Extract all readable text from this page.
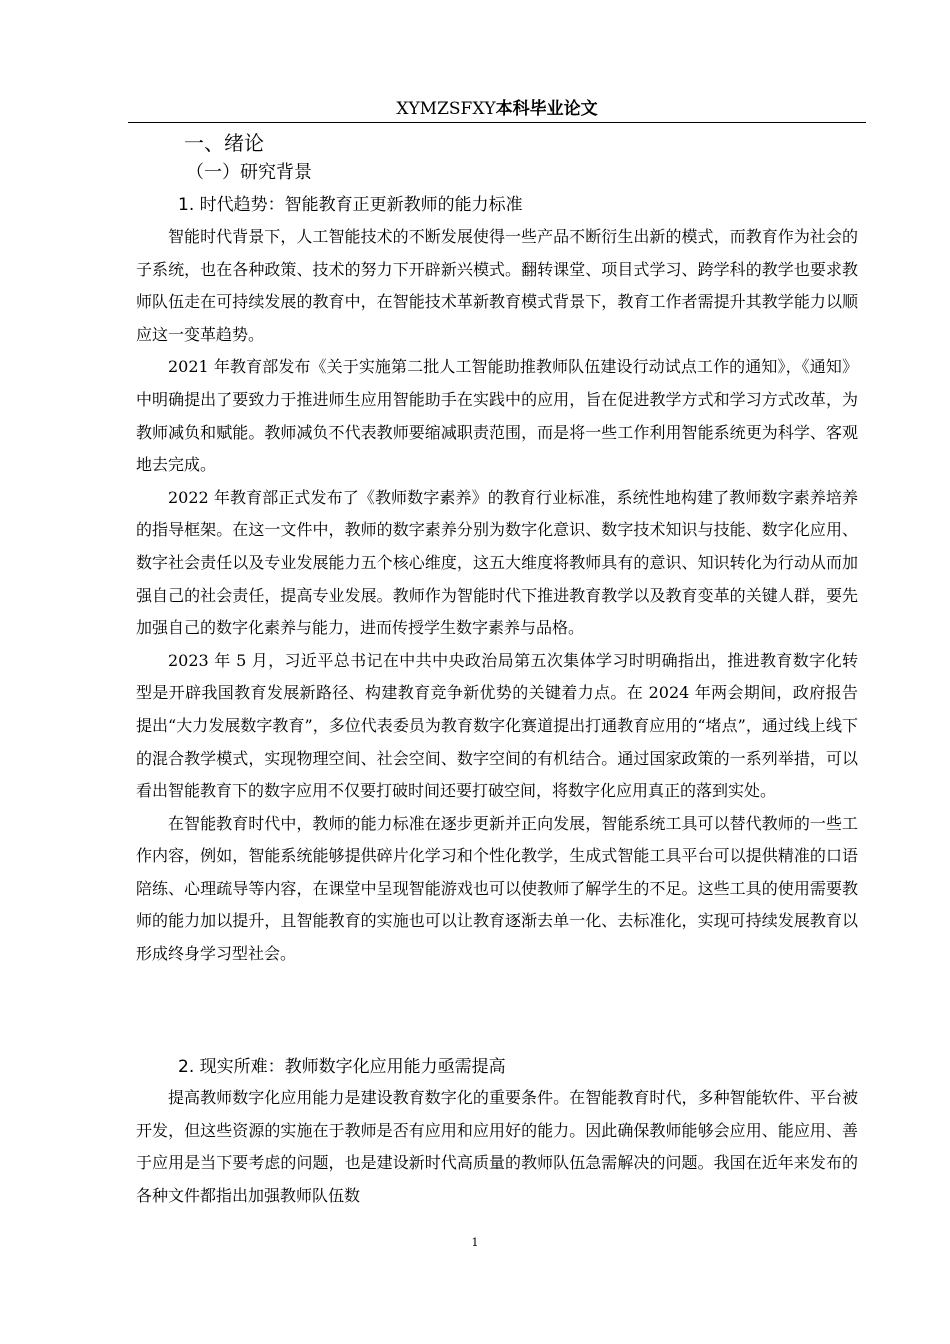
XYMZSFXY本科毕业论文
一、绪论
（一）研究背景
1. 时代趋势：智能教育正更新教师的能力标准

智能时代背景下，人工智能技术的不断发展使得一些产品不断衍生出新的模式，而教育作为社会的子系统，也在各种政策、技术的努力下开辟新兴模式。翻转课堂、项目式学习、跨学科的教学也要求教师队伍走在可持续发展的教育中，在智能技术革新教育模式背景下，教育工作者需提升其教学能力以顺应这一变革趋势。

2021 年教育部发布《关于实施第二批人工智能助推教师队伍建设行动试点工作的通知》，《通知》中明确提出了要致力于推进师生应用智能助手在实践中的应用，旨在促进教学方式和学习方式改革，为教师减负和赋能。教师减负不代表教师要缩减职责范围，而是将一些工作利用智能系统更为科学、客观地去完成。

2022 年教育部正式发布了《教师数字素养》的教育行业标准，系统性地构建了教师数字素养培养的指导框架。在这一文件中，教师的数字素养分别为数字化意识、数字技术知识与技能、数字化应用、数字社会责任以及专业发展能力五个核心维度，这五大维度将教师具有的意识、知识转化为行动从而加强自己的社会责任，提高专业发展。教师作为智能时代下推进教育教学以及教育变革的关键人群，要先加强自己的数字化素养与能力，进而传授学生数字素养与品格。

2023 年 5 月，习近平总书记在中共中央政治局第五次集体学习时明确指出，推进教育数字化转型是开辟我国教育发展新路径、构建教育竞争新优势的关键着力点。在 2024 年两会期间，政府报告提出“大力发展数字教育”，多位代表委员为教育数字化赛道提出打通教育应用的“堵点”，通过线上线下的混合教学模式，实现物理空间、社会空间、数字空间的有机结合。通过国家政策的一系列举措，可以看出智能教育下的数字应用不仅要打破时间还要打破空间，将数字化应用真正的落到实处。

在智能教育时代中，教师的能力标准在逐步更新并正向发展，智能系统工具可以替代教师的一些工作内容，例如，智能系统能够提供碎片化学习和个性化教学，生成式智能工具平台可以提供精准的口语陪练、心理疏导等内容，在课堂中呈现智能游戏也可以使教师了解学生的不足。这些工具的使用需要教师的能力加以提升，且智能教育的实施也可以让教育逐渐去单一化、去标准化，实现可持续发展教育以形成终身学习型社会。

2. 现实所难：教师数字化应用能力亟需提高

提高教师数字化应用能力是建设教育数字化的重要条件。在智能教育时代，多种智能软件、平台被开发，但这些资源的实施在于教师是否有应用和应用好的能力。因此确保教师能够会应用、能应用、善于应用是当下要考虑的问题，也是建设新时代高质量的教师队伍急需解决的问题。我国在近年来发布的各种文件都指出加强教师队伍数

1
